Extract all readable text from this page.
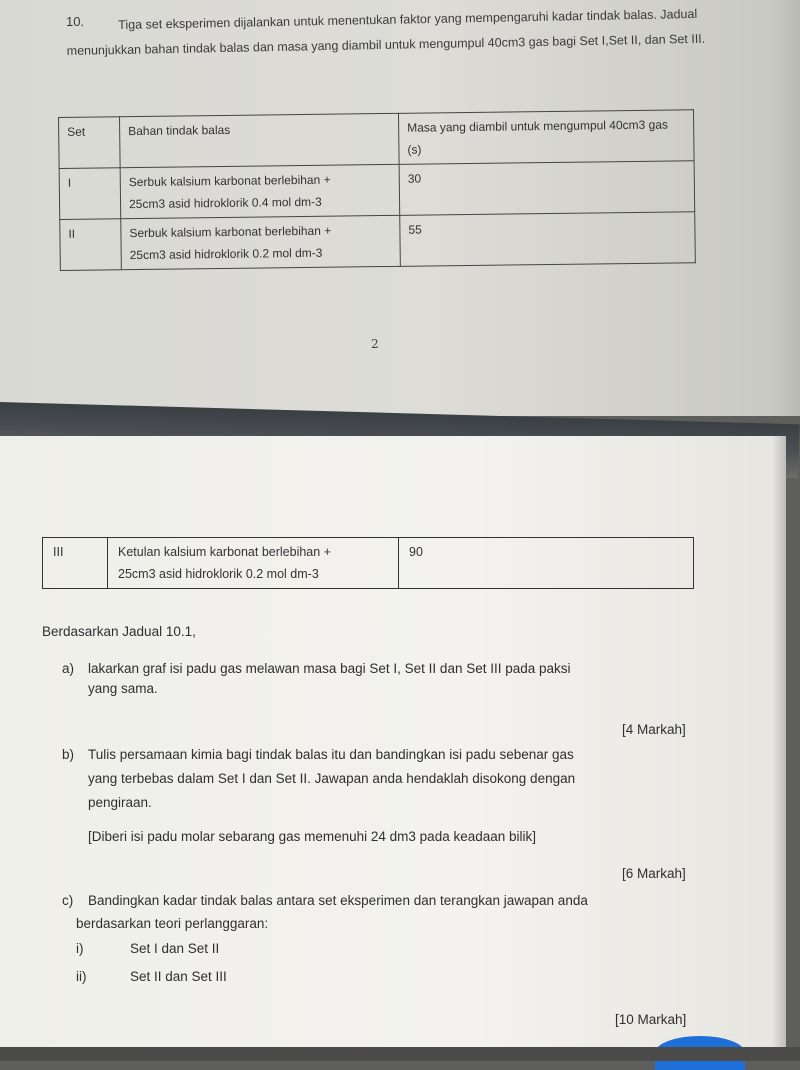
10.	Tiga set eksperimen dijalankan untuk menentukan faktor yang mempengaruhi kadar tindak balas. Jadual menunjukkan bahan tindak balas dan masa yang diambil untuk mengumpul 40cm3 gas bagi Set I,Set II, dan Set III.

Set	Bahan tindak balas	Masa yang diambil untuk mengumpul 40cm3 gas (s)
I	Serbuk kalsium karbonat berlebihan +
25cm3 asid hidroklorik 0.4 mol dm-3	30
II	Serbuk kalsium karbonat berlebihan +
25cm3 asid hidroklorik 0.2 mol dm-3	55
2
III	Ketulan kalsium karbonat berlebihan +
25cm3 asid hidroklorik 0.2 mol dm-3	90

Berdasarkan Jadual 10.1,

a) lakarkan graf isi padu gas melawan masa bagi Set I, Set II dan Set III pada paksi

yang sama.

[4 Markah]
b) Tulis persamaan kimia bagi tindak balas itu dan bandingkan isi padu sebenar gas

yang terbebas dalam Set I dan Set II. Jawapan anda hendaklah disokong dengan

pengiraan.

[Diberi isi padu molar sebarang gas memenuhi 24 dm3 pada keadaan bilik]

[6 Markah]
c) Bandingkan kadar tindak balas antara set eksperimen dan terangkan jawapan anda

berdasarkan teori perlanggaran:

i)	Set I dan Set II
ii)	Set II dan Set III
[10 Markah]
